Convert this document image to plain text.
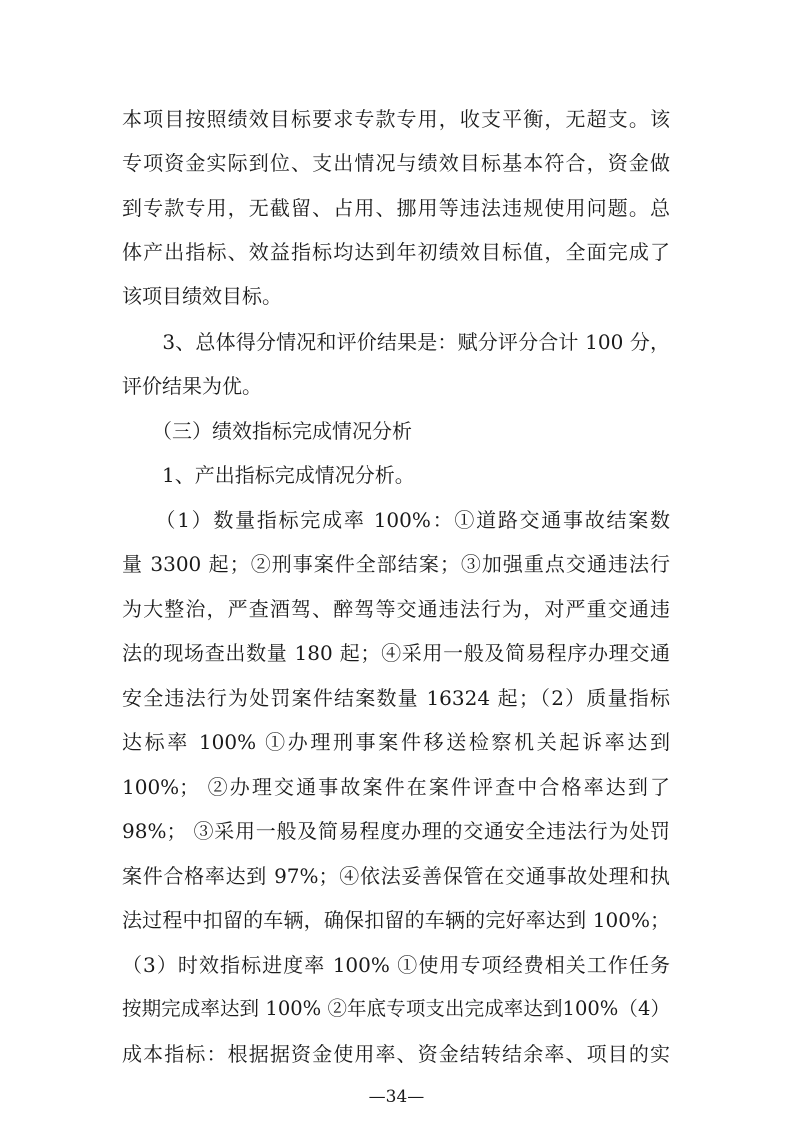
本项目按照绩效目标要求专款专用，收支平衡，无超支。该
专项资金实际到位、支出情况与绩效目标基本符合，资金做
到专款专用，无截留、占用、挪用等违法违规使用问题。总
体产出指标、效益指标均达到年初绩效目标值，全面完成了
该项目绩效目标。
　　3、总体得分情况和评价结果是：赋分评分合计 100 分，
评价结果为优。
　　（三）绩效指标完成情况分析
　　1、产出指标完成情况分析。
　　（1）数量指标完成率 100%：①道路交通事故结案数
量 3300 起；②刑事案件全部结案；③加强重点交通违法行
为大整治，严查酒驾、醉驾等交通违法行为，对严重交通违
法的现场查出数量 180 起；④采用一般及简易程序办理交通
安全违法行为处罚案件结案数量 16324 起；（2）质量指标
达标率 100% ①办理刑事案件移送检察机关起诉率达到
100%； ②办理交通事故案件在案件评查中合格率达到了
98%； ③采用一般及简易程度办理的交通安全违法行为处罚
案件合格率达到 97%；④依法妥善保管在交通事故处理和执
法过程中扣留的车辆，确保扣留的车辆的完好率达到 100%；
（3）时效指标进度率 100% ①使用专项经费相关工作任务
按期完成率达到 100% ②年底专项支出完成率达到100%（4）
成本指标：根据据资金使用率、资金结转结余率、项目的实
—34—
